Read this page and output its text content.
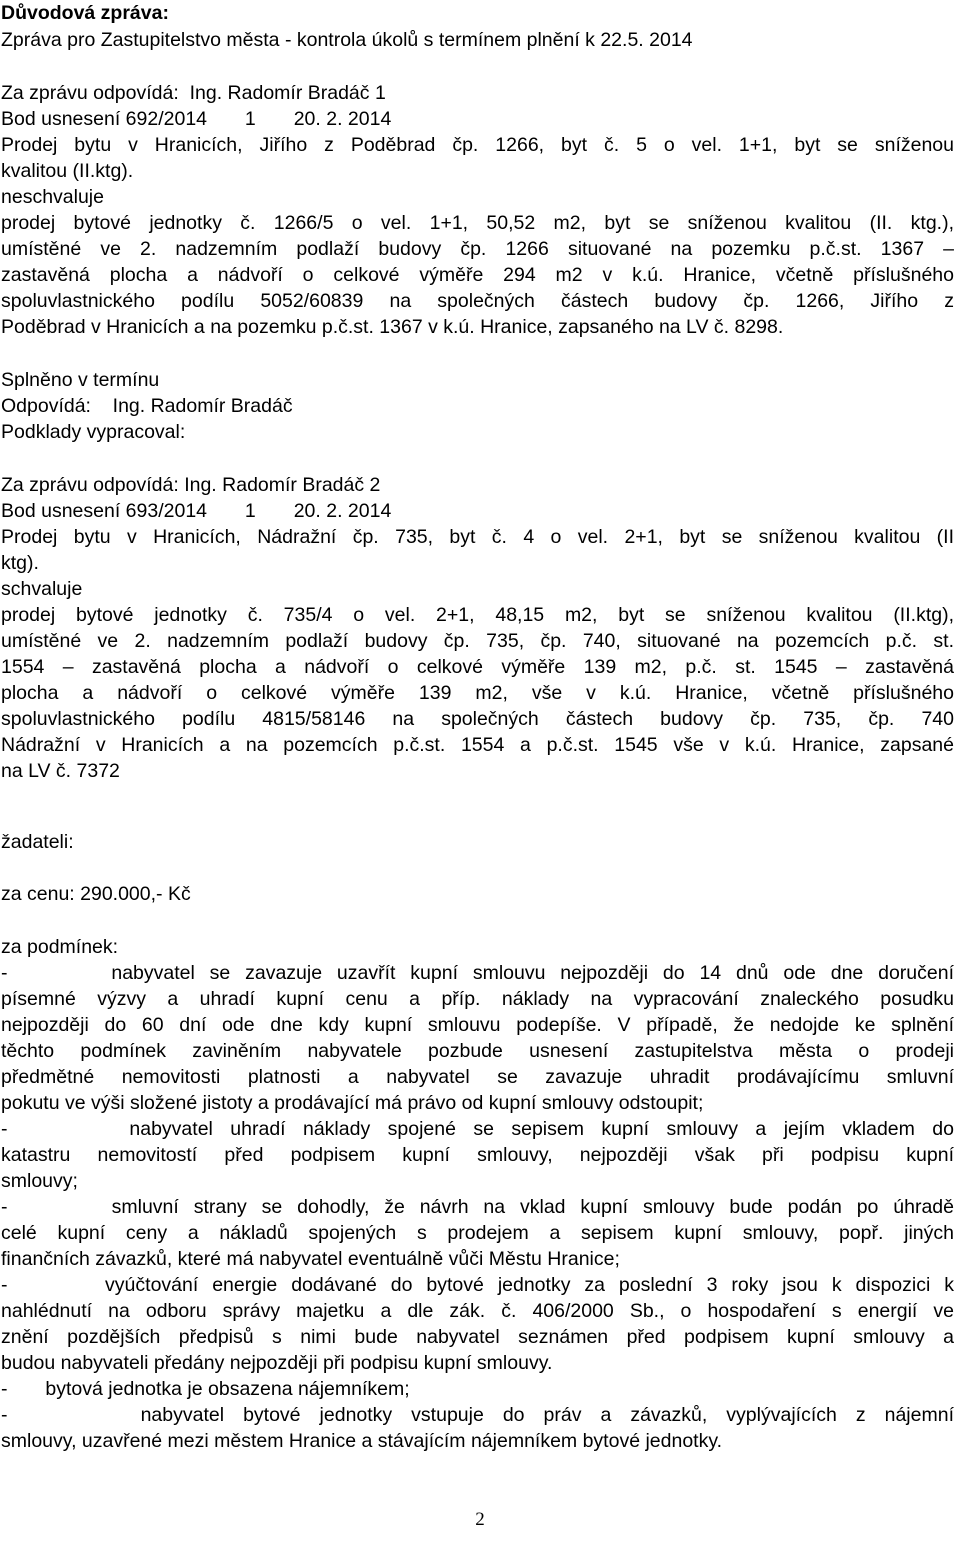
Důvodová zpráva:
Zpráva pro Zastupitelstvo města - kontrola úkolů s termínem plnění k 22.5. 2014
Za zprávu odpovídá:  Ing. Radomír Bradáč 1
Bod usnesení 692/2014       1       20. 2. 2014
Prodej bytu v Hranicích, Jiřího z Poděbrad čp. 1266, byt č. 5 o vel. 1+1, byt se sníženou
kvalitou (II.ktg).
neschvaluje
prodej bytové jednotky č. 1266/5 o vel. 1+1, 50,52 m2, byt se sníženou kvalitou (II. ktg.),
umístěné ve 2. nadzemním podlaží budovy čp. 1266 situované na pozemku p.č.st. 1367 –
zastavěná plocha a nádvoří o celkové výměře 294 m2 v k.ú. Hranice, včetně příslušného
spoluvlastnického podílu 5052/60839 na společných částech budovy čp. 1266, Jiřího z
Poděbrad v Hranicích a na pozemku p.č.st. 1367 v k.ú. Hranice, zapsaného na LV č. 8298.
Splněno v termínu
Odpovídá:    Ing. Radomír Bradáč
Podklady vypracoval:
Za zprávu odpovídá: Ing. Radomír Bradáč 2
Bod usnesení 693/2014       1       20. 2. 2014
Prodej bytu v Hranicích, Nádražní čp. 735, byt č. 4 o vel. 2+1, byt se sníženou kvalitou (II
ktg).
schvaluje
prodej bytové jednotky č. 735/4 o vel. 2+1, 48,15 m2, byt se sníženou kvalitou (II.ktg),
umístěné ve 2. nadzemním podlaží budovy čp. 735, čp. 740, situované na pozemcích p.č. st.
1554 – zastavěná plocha a nádvoří o celkové výměře 139 m2, p.č. st. 1545 – zastavěná
plocha a nádvoří o celkové výměře 139 m2, vše v k.ú. Hranice, včetně příslušného
spoluvlastnického podílu 4815/58146 na společných částech budovy čp. 735, čp. 740
Nádražní v Hranicích a na pozemcích p.č.st. 1554 a p.č.st. 1545 vše v k.ú. Hranice, zapsané
na LV č. 7372
žadateli:
za cenu: 290.000,- Kč
za podmínek:
-       nabyvatel se zavazuje uzavřít kupní smlouvu nejpozději do 14 dnů ode dne doručení
písemné výzvy a uhradí kupní cenu a příp. náklady na vypracování znaleckého posudku
nejpozději do 60 dní ode dne kdy kupní smlouvu podepíše. V případě, že nedojde ke splnění
těchto podmínek zaviněním nabyvatele pozbude usnesení zastupitelstva města o prodeji
předmětné nemovitosti platnosti a nabyvatel se zavazuje uhradit prodávajícímu smluvní
pokutu ve výši složené jistoty a prodávající má právo od kupní smlouvy odstoupit;
-       nabyvatel uhradí náklady spojené se sepisem kupní smlouvy a jejím vkladem do
katastru nemovitostí před podpisem kupní smlouvy, nejpozději však při podpisu kupní
smlouvy;
-       smluvní strany se dohodly, že návrh na vklad kupní smlouvy bude podán po úhradě
celé kupní ceny a nákladů spojených s prodejem a sepisem kupní smlouvy, popř. jiných
finančních závazků, které má nabyvatel eventuálně vůči Městu Hranice;
-       vyúčtování energie dodávané do bytové jednotky za poslední 3 roky jsou k dispozici k
nahlédnutí na odboru správy majetku a dle zák. č. 406/2000 Sb., o hospodaření s energií ve
znění pozdějších předpisů s nimi bude nabyvatel seznámen před podpisem kupní smlouvy a
budou nabyvateli předány nejpozději při podpisu kupní smlouvy.
-       bytová jednotka je obsazena nájemníkem;
-       nabyvatel bytové jednotky vstupuje do práv a závazků, vyplývajících z nájemní
smlouvy, uzavřené mezi městem Hranice a stávajícím nájemníkem bytové jednotky.
2
